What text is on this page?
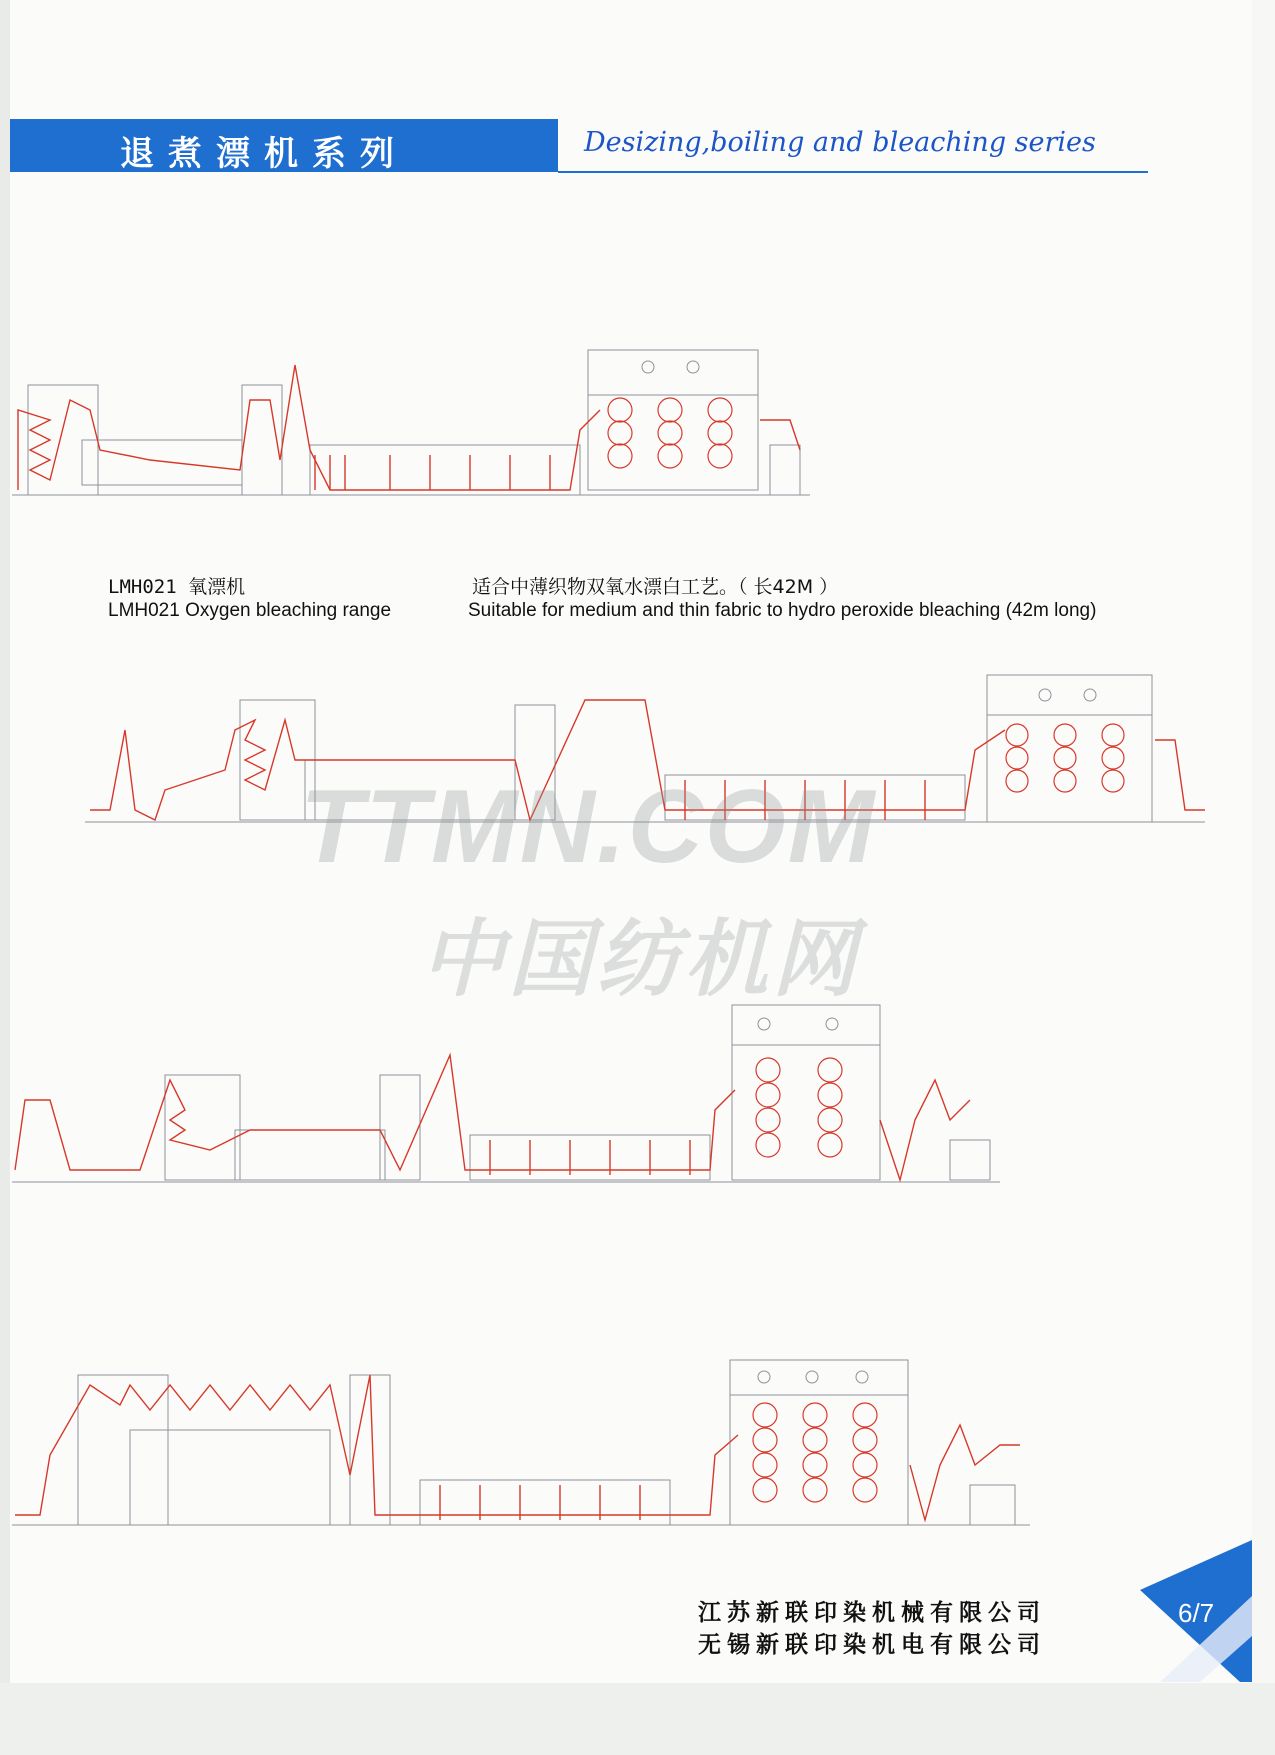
退煮漂机系列	Desizing,boiling and bleaching series
LMH021 氧漂机	适合中薄织物双氧水漂白工艺。（ 长42M ）
LMH021 Oxygen bleaching range	Suitable for medium and thin fabric to hydro peroxide bleaching (42m long)
TTMN.COM
中国纺机网
江苏新联印染机械有限公司
无锡新联印染机电有限公司
6/7
